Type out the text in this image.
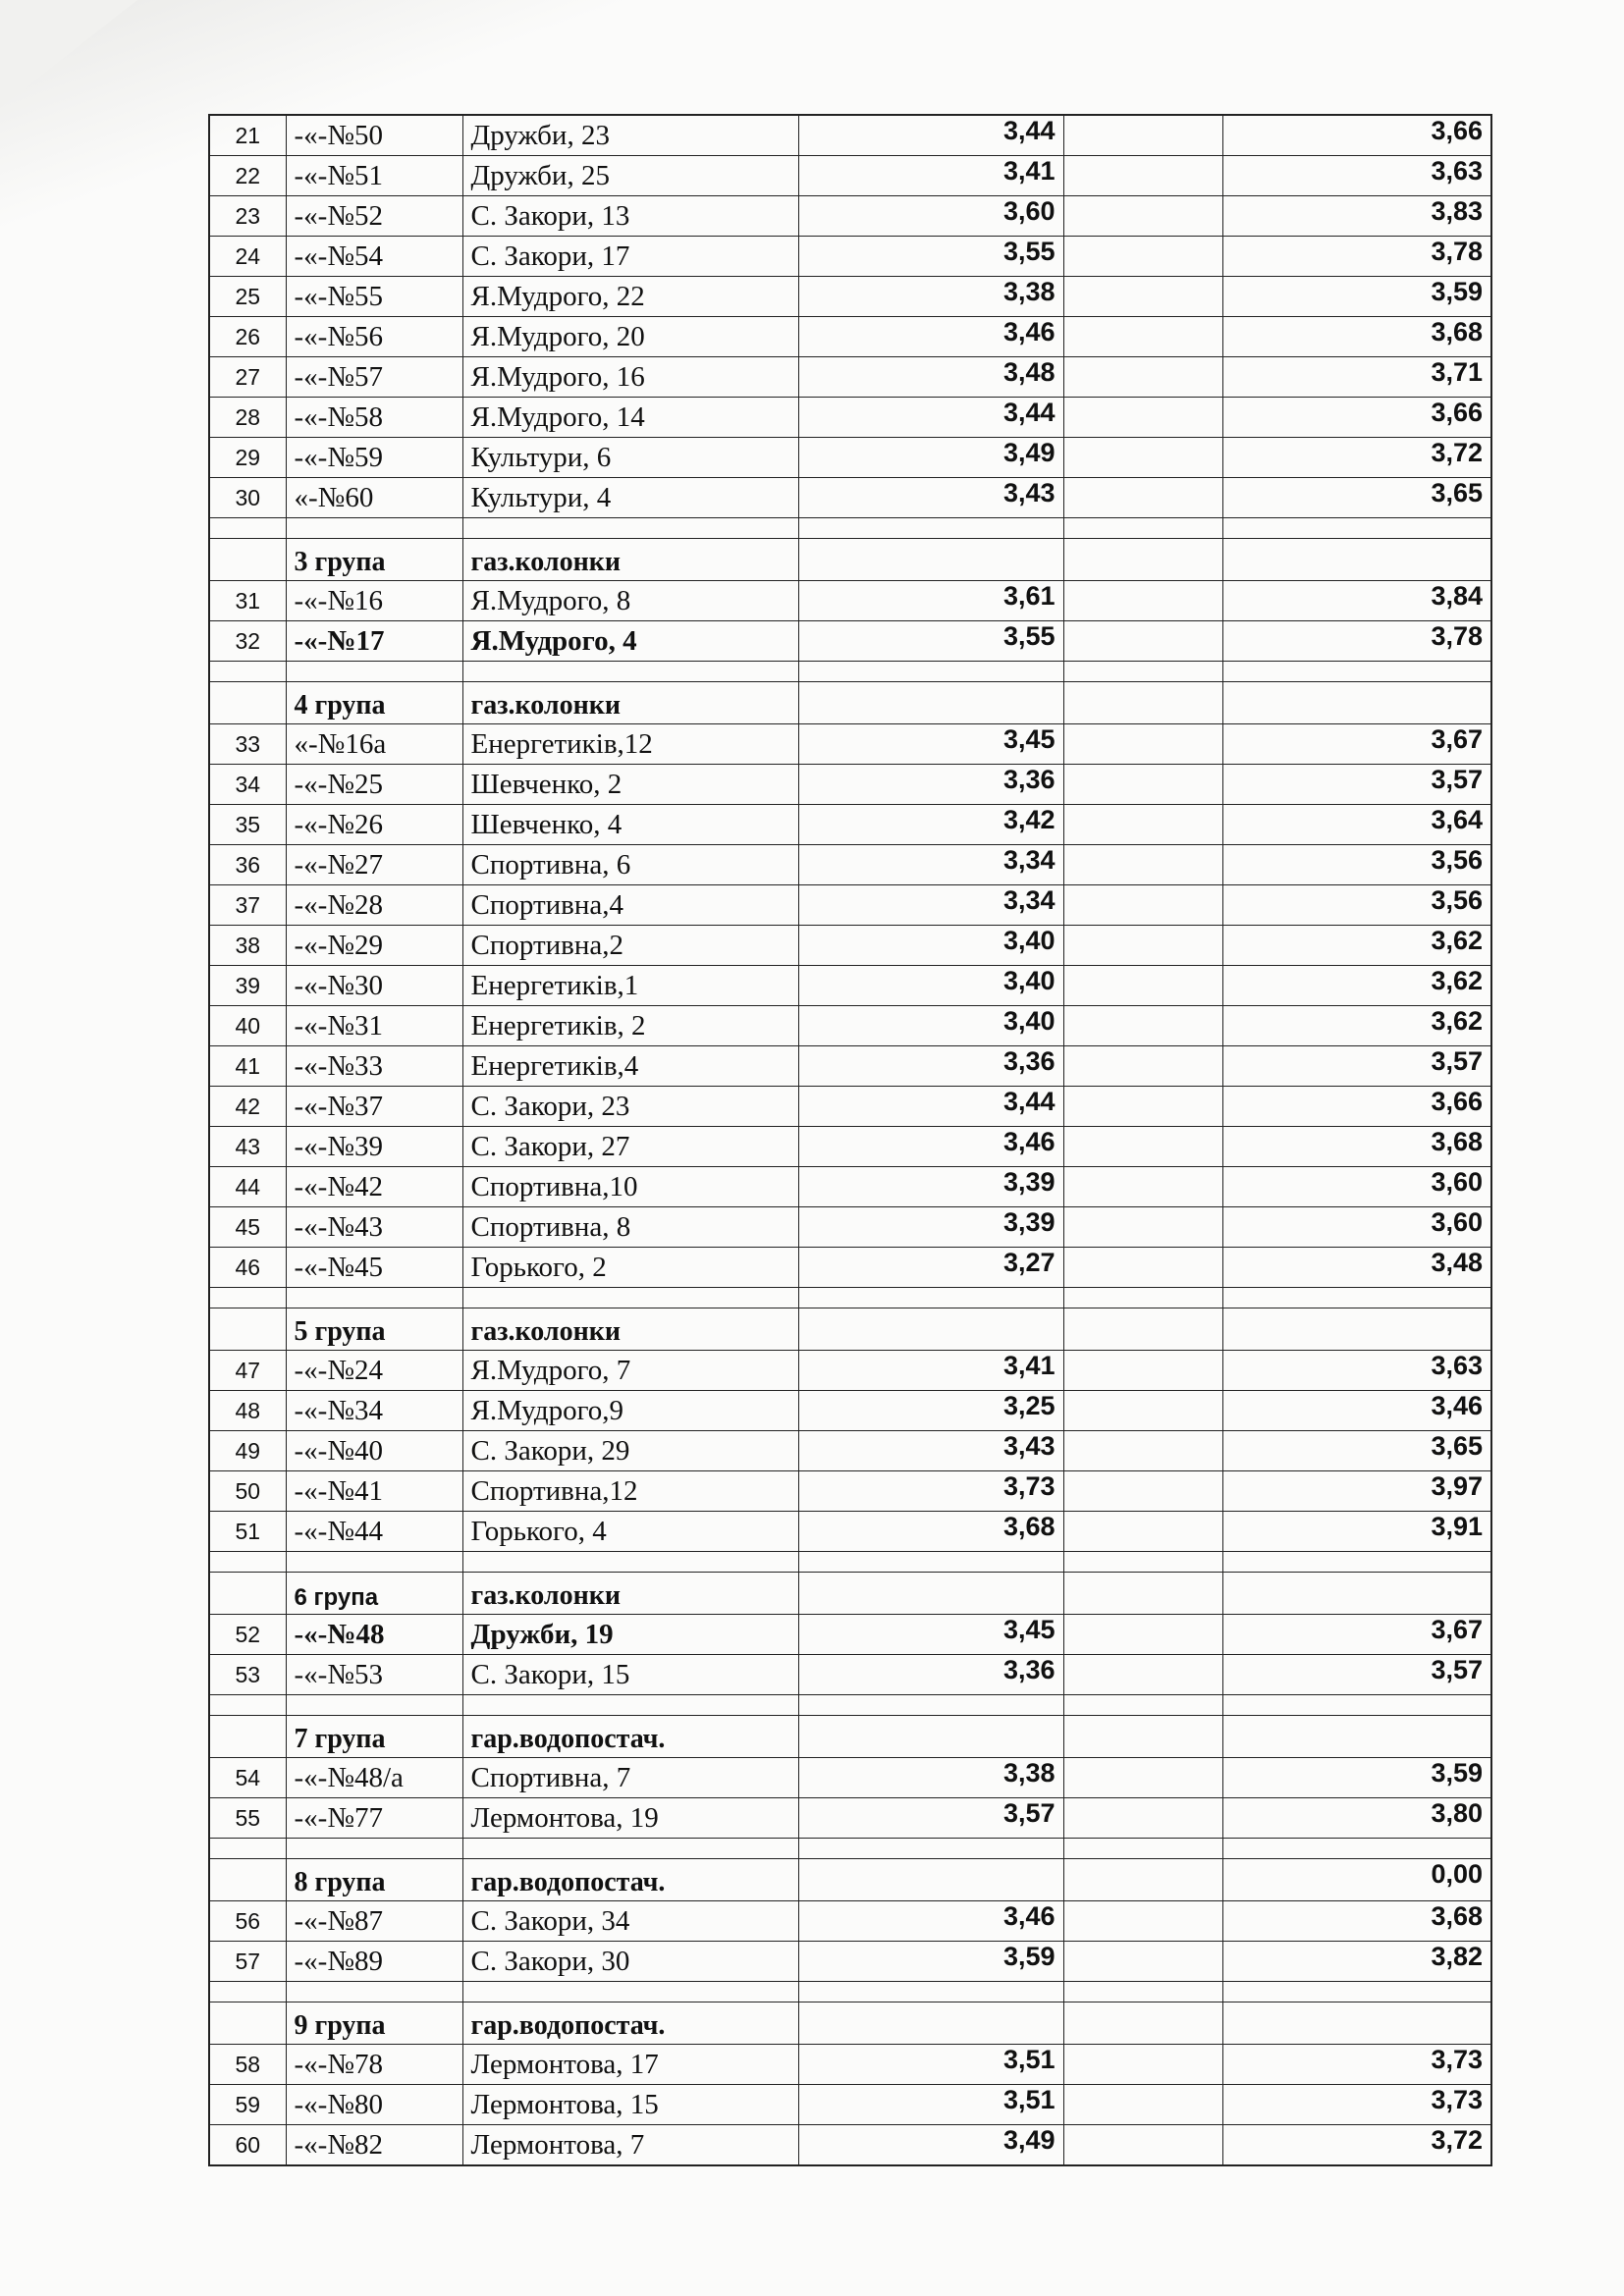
21	-«-№50	Дружби, 23	3,44		3,66
22	-«-№51	Дружби, 25	3,41		3,63
23	-«-№52	С. Закори, 13	3,60		3,83
24	-«-№54	С. Закори, 17	3,55		3,78
25	-«-№55	Я.Мудрого, 22	3,38		3,59
26	-«-№56	Я.Мудрого, 20	3,46		3,68
27	-«-№57	Я.Мудрого, 16	3,48		3,71
28	-«-№58	Я.Мудрого, 14	3,44		3,66
29	-«-№59	Культури, 6	3,49		3,72
30	«-№60	Культури, 4	3,43		3,65

	3 група	газ.колонки			
31	-«-№16	Я.Мудрого, 8	3,61		3,84
32	-«-№17	Я.Мудрого, 4	3,55		3,78

	4 група	газ.колонки			
33	«-№16а	Енергетиків,12	3,45		3,67
34	-«-№25	Шевченко, 2	3,36		3,57
35	-«-№26	Шевченко, 4	3,42		3,64
36	-«-№27	Спортивна, 6	3,34		3,56
37	-«-№28	Спортивна,4	3,34		3,56
38	-«-№29	Спортивна,2	3,40		3,62
39	-«-№30	Енергетиків,1	3,40		3,62
40	-«-№31	Енергетиків, 2	3,40		3,62
41	-«-№33	Енергетиків,4	3,36		3,57
42	-«-№37	С. Закори, 23	3,44		3,66
43	-«-№39	С. Закори, 27	3,46		3,68
44	-«-№42	Спортивна,10	3,39		3,60
45	-«-№43	Спортивна, 8	3,39		3,60
46	-«-№45	Горького, 2	3,27		3,48

	5 група	газ.колонки			
47	-«-№24	Я.Мудрого, 7	3,41		3,63
48	-«-№34	Я.Мудрого,9	3,25		3,46
49	-«-№40	С. Закори, 29	3,43		3,65
50	-«-№41	Спортивна,12	3,73		3,97
51	-«-№44	Горького, 4	3,68		3,91

	6 група	газ.колонки			
52	-«-№48	Дружби, 19	3,45		3,67
53	-«-№53	С. Закори, 15	3,36		3,57

	7 група	гар.водопостач.			
54	-«-№48/а	Спортивна, 7	3,38		3,59
55	-«-№77	Лермонтова, 19	3,57		3,80

	8 група	гар.водопостач.			0,00
56	-«-№87	С. Закори, 34	3,46		3,68
57	-«-№89	С. Закори, 30	3,59		3,82

	9 група	гар.водопостач.			
58	-«-№78	Лермонтова, 17	3,51		3,73
59	-«-№80	Лермонтова, 15	3,51		3,73
60	-«-№82	Лермонтова, 7	3,49		3,72
